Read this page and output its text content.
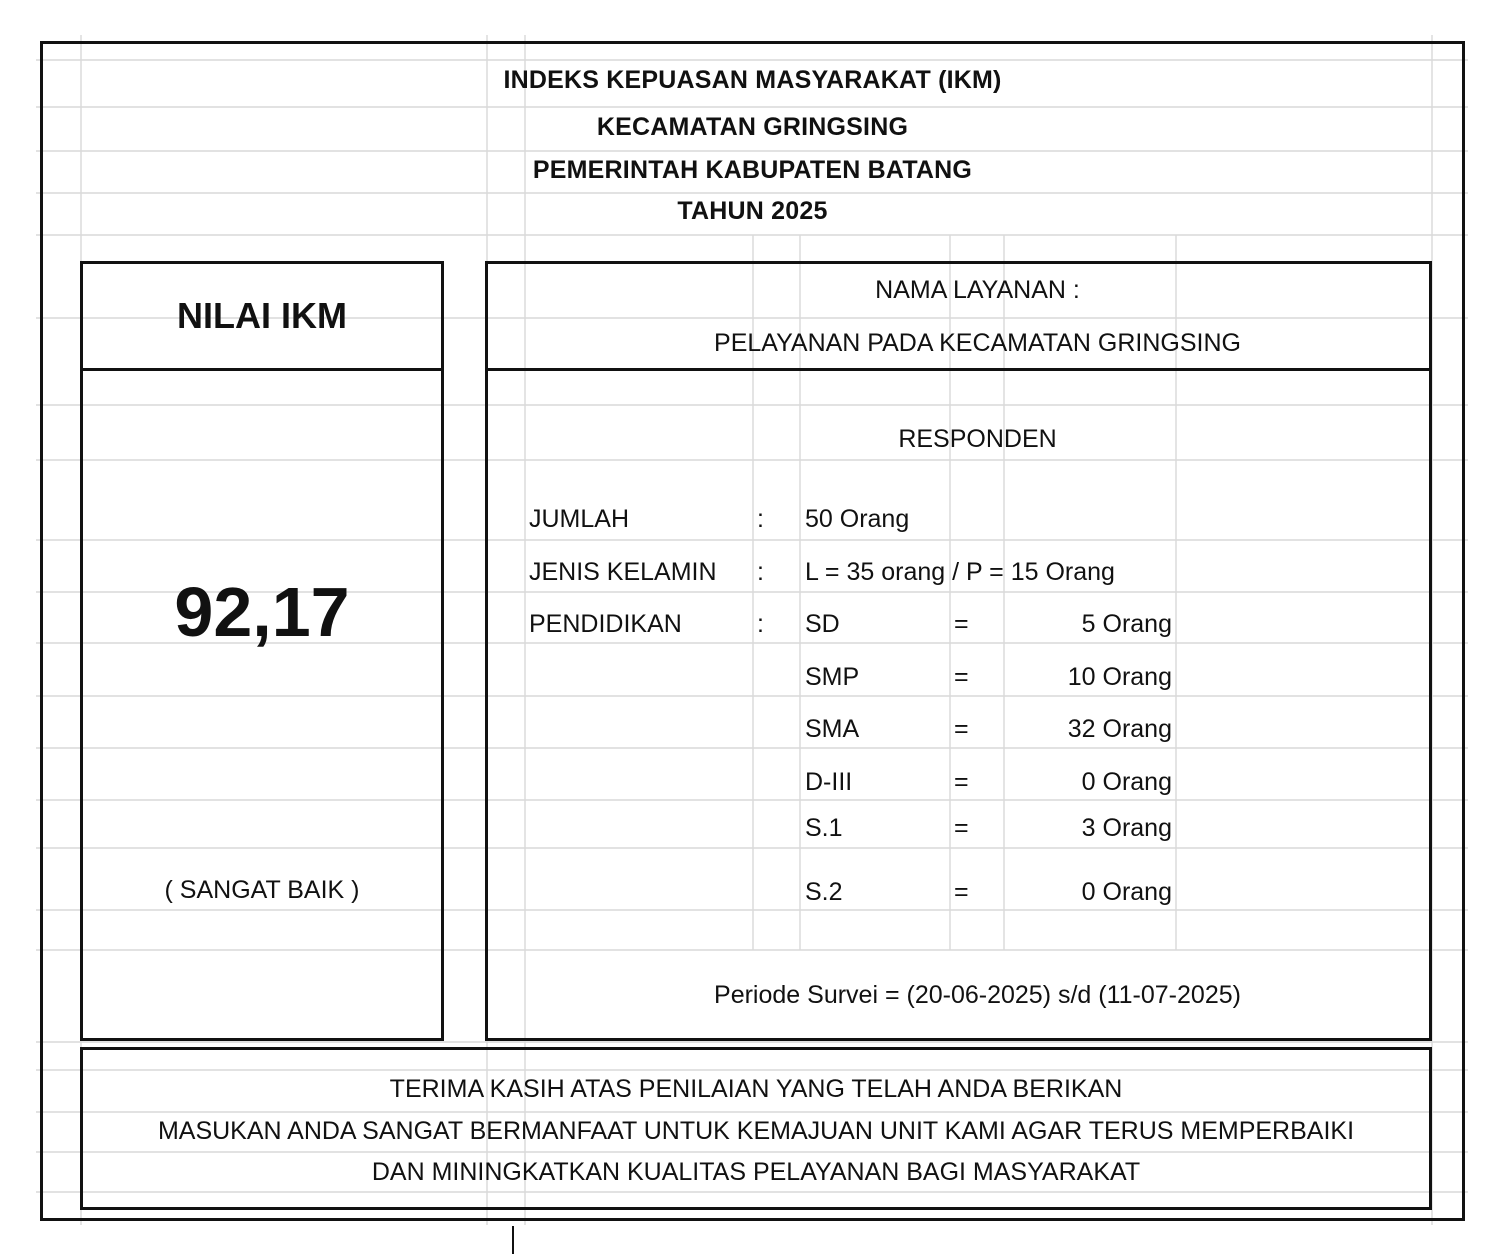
INDEKS KEPUASAN MASYARAKAT (IKM)
KECAMATAN GRINGSING
PEMERINTAH KABUPATEN BATANG
TAHUN 2025
NILAI IKM
92,17
( SANGAT BAIK )
NAMA LAYANAN :
PELAYANAN PADA KECAMATAN GRINGSING
RESPONDEN
JUMLAH	: 50 Orang
JENIS KELAMIN : L = 35 orang / P = 15 Orang
PENDIDIKAN	: SD	=	5 Orang
SMP	=	10 Orang
SMA	=	32 Orang
D-III	=	0 Orang
S.1	=	3 Orang
S.2	=	0 Orang
Periode Survei = (20-06-2025) s/d (11-07-2025)
TERIMA KASIH ATAS PENILAIAN YANG TELAH ANDA BERIKAN
MASUKAN ANDA SANGAT BERMANFAAT UNTUK KEMAJUAN UNIT KAMI AGAR TERUS MEMPERBAIKI
DAN MININGKATKAN KUALITAS PELAYANAN BAGI MASYARAKAT
